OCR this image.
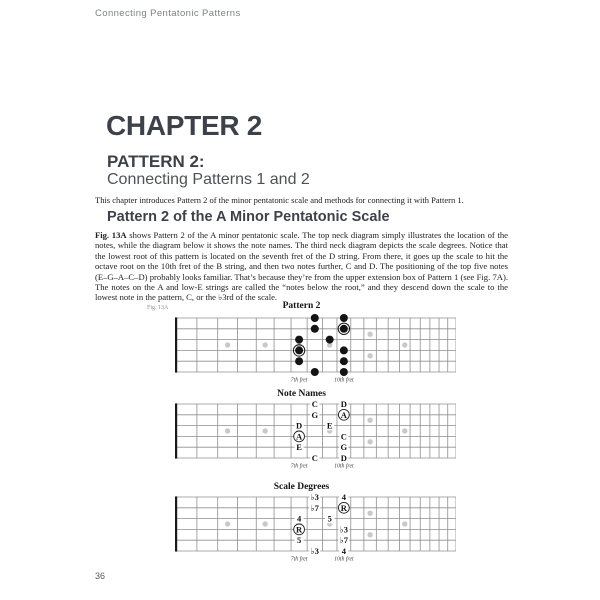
Connecting Pentatonic Patterns
CHAPTER 2
PATTERN 2:
Connecting Patterns 1 and 2

This chapter introduces Pattern 2 of the minor pentatonic scale and methods for connecting it with Pattern 1.

Pattern 2 of the A Minor Pentatonic Scale

Fig. 13A shows Pattern 2 of the A minor pentatonic scale. The top neck diagram simply illustrates the location of the notes, while the diagram below it shows the note names. The third neck diagram depicts the scale degrees. Notice that the lowest root of this pattern is located on the seventh fret of the D string. From there, it goes up the scale to hit the octave root on the 10th fret of the B string, and then two notes further, C and D. The positioning of the top five notes (E–G–A–C–D) probably looks familiar. That’s because they’re from the upper extension box of Pattern 1 (see Fig. 7A). The notes on the A and low-E strings are called the “notes below the root,” and they descend down the scale to the lowest note in the pattern, C, or the ♭3rd of the scale.

Fig. 13A	Pattern 2
7th fret	10th fret
Note Names
C	D
G	A
D	E
A	C
E	G
C	D
7th fret	10th fret
Scale Degrees
♭3	4
♭7	R
4	5
R	♭3
5	♭7
♭3	4
7th fret	10th fret
36
